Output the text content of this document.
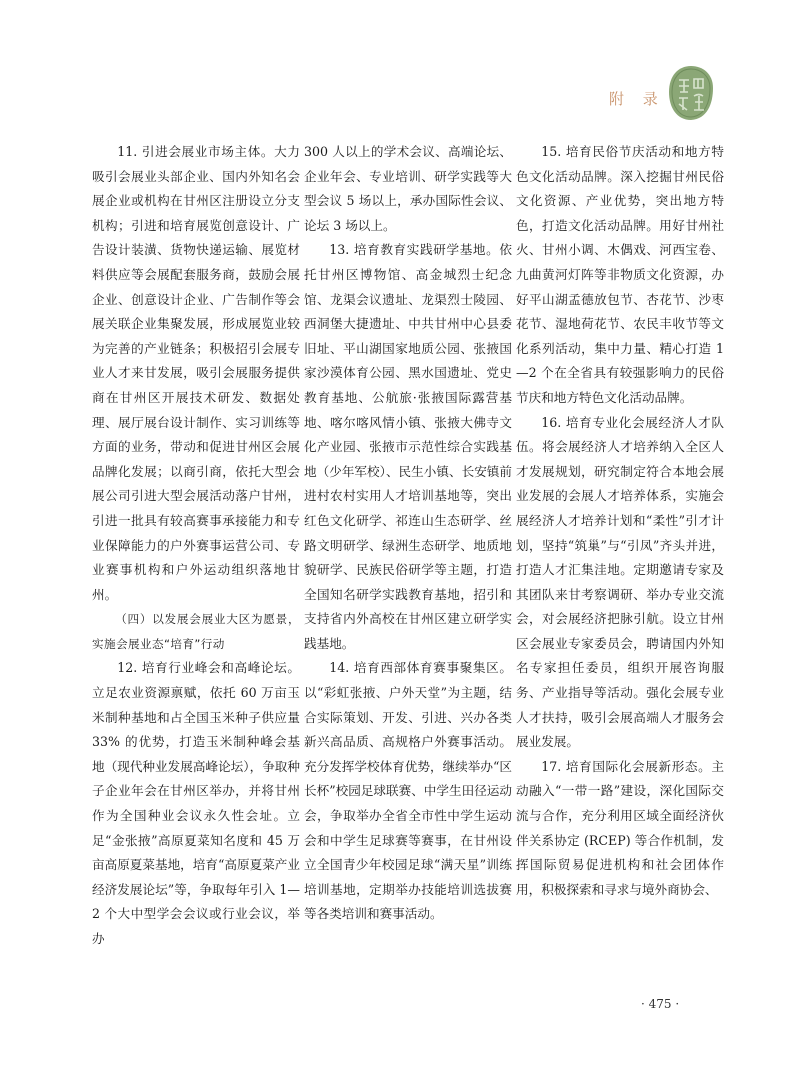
附 录

11. 引进会展业市场主体。大力吸引会展业头部企业、国内外知名会展企业或机构在甘州区注册设立分支机构；引进和培育展览创意设计、广告设计装潢、货物快递运输、展览材料供应等会展配套服务商，鼓励会展企业、创意设计企业、广告制作等会展关联企业集聚发展，形成展览业较为完善的产业链条；积极招引会展专业人才来甘发展，吸引会展服务提供商在甘州区开展技术研发、数据处理、展厅展台设计制作、实习训练等方面的业务，带动和促进甘州区会展品牌化发展；以商引商，依托大型会展公司引进大型会展活动落户甘州，引进一批具有较高赛事承接能力和专业保障能力的户外赛事运营公司、专业赛事机构和户外运动组织落地甘州。

（四）以发展会展业大区为愿景，实施会展业态“培育”行动

12. 培育行业峰会和高峰论坛。立足农业资源禀赋，依托 60 万亩玉米制种基地和占全国玉米种子供应量 33% 的优势，打造玉米制种峰会基地（现代种业发展高峰论坛），争取种子企业年会在甘州区举办，并将甘州作为全国种业会议永久性会址。立足“金张掖”高原夏菜知名度和 45 万亩高原夏菜基地，培育“高原夏菜产业经济发展论坛”等，争取每年引入 1—2 个大中型学会会议或行业会议，举办

300 人以上的学术会议、高端论坛、企业年会、专业培训、研学实践等大型会议 5 场以上，承办国际性会议、论坛 3 场以上。

13. 培育教育实践研学基地。依托甘州区博物馆、高金城烈士纪念馆、龙渠会议遗址、龙渠烈士陵园、西洞堡大捷遗址、中共甘州中心县委旧址、平山湖国家地质公园、张掖国家沙漠体育公园、黑水国遗址、党史教育基地、公航旅·张掖国际露营基地、喀尔喀风情小镇、张掖大佛寺文化产业园、张掖市示范性综合实践基地（少年军校）、民生小镇、长安镇前进村农村实用人才培训基地等，突出红色文化研学、祁连山生态研学、丝路文明研学、绿洲生态研学、地质地貌研学、民族民俗研学等主题，打造全国知名研学实践教育基地，招引和支持省内外高校在甘州区建立研学实践基地。

14. 培育西部体育赛事聚集区。以“彩虹张掖、户外天堂”为主题，结合实际策划、开发、引进、兴办各类新兴高品质、高规格户外赛事活动。充分发挥学校体育优势，继续举办“区长杯”校园足球联赛、中学生田径运动会，争取举办全省全市性中学生运动会和中学生足球赛等赛事，在甘州设立全国青少年校园足球“满天星”训练培训基地，定期举办技能培训选拔赛等各类培训和赛事活动。

15. 培育民俗节庆活动和地方特色文化活动品牌。深入挖掘甘州民俗文化资源、产业优势，突出地方特色，打造文化活动品牌。用好甘州社火、甘州小调、木偶戏、河西宝卷、九曲黄河灯阵等非物质文化资源，办好平山湖孟德放包节、杏花节、沙枣花节、湿地荷花节、农民丰收节等文化系列活动，集中力量、精心打造 1—2 个在全省具有较强影响力的民俗节庆和地方特色文化活动品牌。

16. 培育专业化会展经济人才队伍。将会展经济人才培养纳入全区人才发展规划，研究制定符合本地会展业发展的会展人才培养体系，实施会展经济人才培养计划和“柔性”引才计划，坚持“筑巢”与“引凤”齐头并进，打造人才汇集洼地。定期邀请专家及其团队来甘考察调研、举办专业交流会，对会展经济把脉引航。设立甘州区会展业专家委员会，聘请国内外知名专家担任委员，组织开展咨询服务、产业指导等活动。强化会展专业人才扶持，吸引会展高端人才服务会展业发展。

17. 培育国际化会展新形态。主动融入“一带一路”建设，深化国际交流与合作，充分利用区域全面经济伙伴关系协定 (RCEP) 等合作机制，发挥国际贸易促进机构和社会团体作用，积极探索和寻求与境外商协会、

· 475 ·
